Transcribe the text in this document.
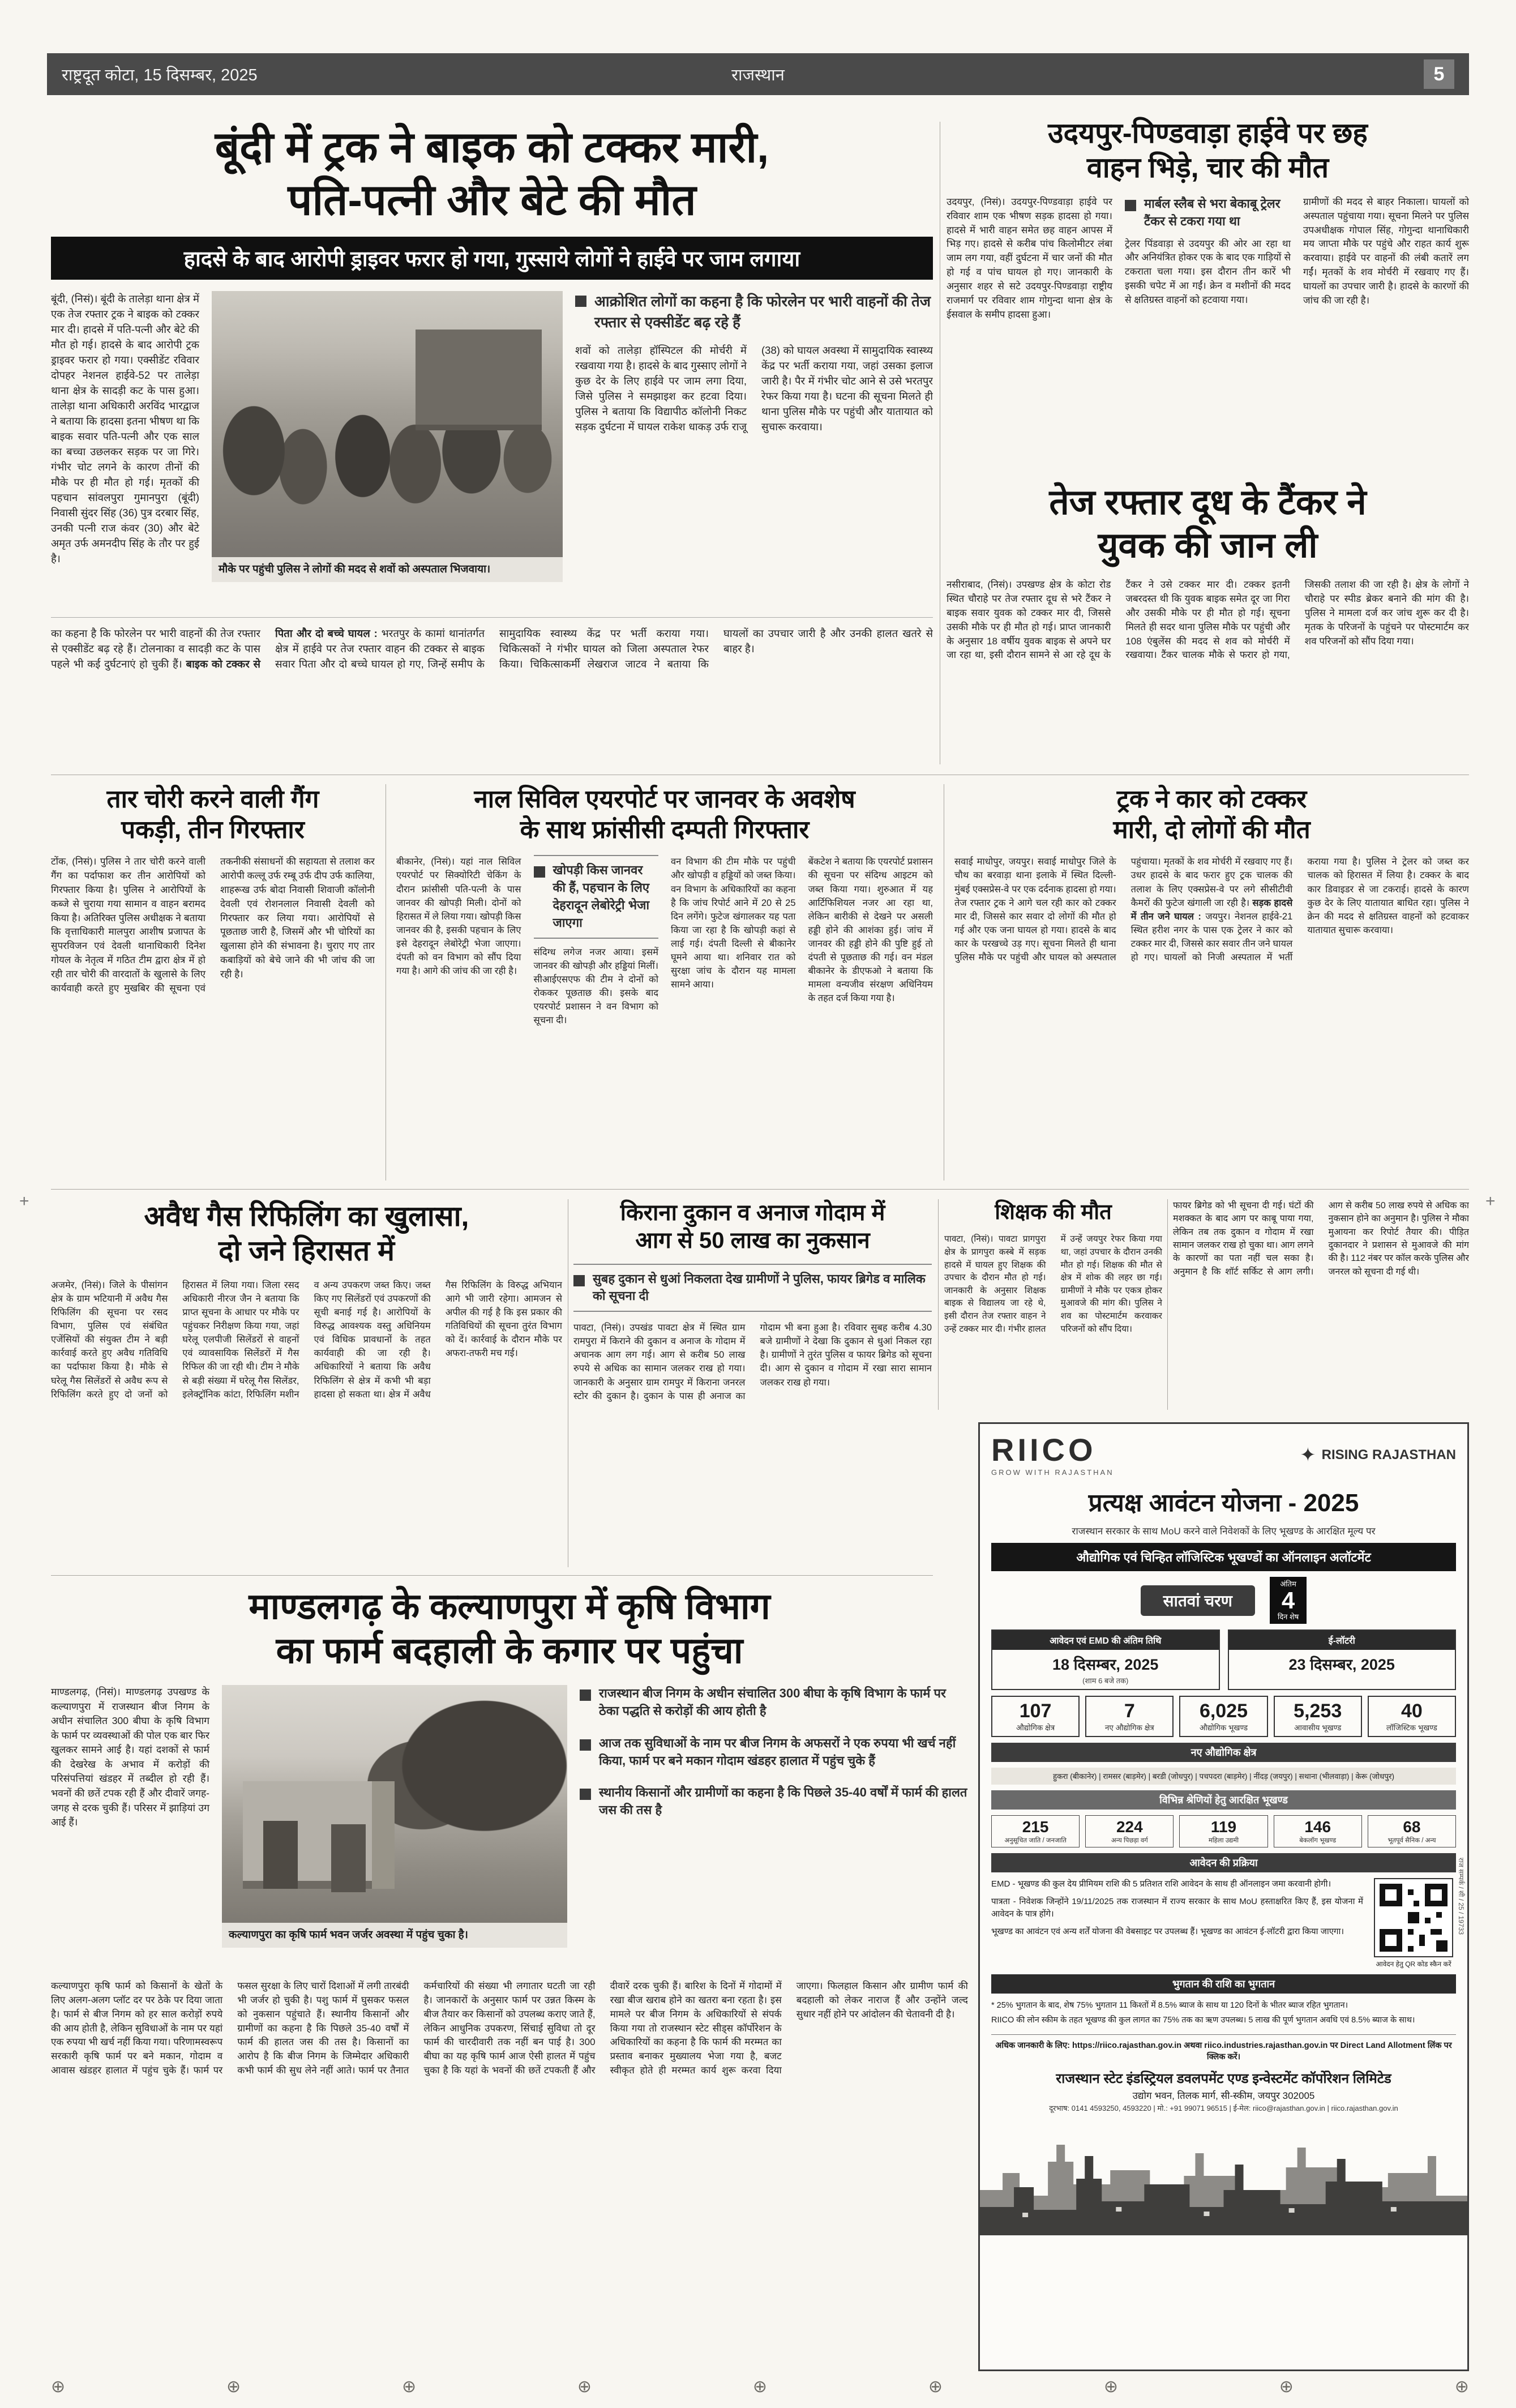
राष्ट्रदूत कोटा, 15 दिसम्बर, 2025	राजस्थान	5
+	+
बूंदी में ट्रक ने बाइक को टक्कर मारी,
पति-पत्नी और बेटे की मौत
हादसे के बाद आरोपी ड्राइवर फरार हो गया, गुस्साये लोगों ने हाईवे पर जाम लगाया
बूंदी, (निसं)। बूंदी के तालेड़ा थाना क्षेत्र में एक तेज रफ्तार ट्रक ने बाइक को टक्कर मार दी। हादसे में पति-पत्नी और बेटे की मौत हो गई। हादसे के बाद आरोपी ट्रक ड्राइवर फरार हो गया। एक्सीडेंट रविवार दोपहर नेशनल हाईवे-52 पर तालेड़ा थाना क्षेत्र के सादड़ी कट के पास हुआ। तालेड़ा थाना अधिकारी अरविंद भारद्वाज ने बताया कि हादसा इतना भीषण था कि बाइक सवार पति-पत्नी और एक साल का बच्चा उछलकर सड़क पर जा गिरे। गंभीर चोट लगने के कारण तीनों की मौके पर ही मौत हो गई। मृतकों की पहचान सांवलपुरा गुमानपुरा (बूंदी) निवासी सुंदर सिंह (36) पुत्र दरबार सिंह, उनकी पत्नी राज कंवर (30) और बेटे अमृत उर्फ अमनदीप सिंह के तौर पर हुई है।
मौके पर पहुंची पुलिस ने लोगों की मदद से शवों को अस्पताल भिजवाया।
आक्रोशित लोगों का कहना है कि फोरलेन पर भारी वाहनों की तेज रफ्तार से एक्सीडेंट बढ़ रहे हैं
शवों को तालेड़ा हॉस्पिटल की मोर्चरी में रखवाया गया है। हादसे के बाद गुस्साए लोगों ने कुछ देर के लिए हाईवे पर जाम लगा दिया, जिसे पुलिस ने समझाइश कर हटवा दिया। पुलिस ने बताया कि विद्यापीठ कॉलोनी निकट सड़क दुर्घटना में घायल राकेश धाकड़ उर्फ राजू (38) को घायल अवस्था में सामुदायिक स्वास्थ्य केंद्र पर भर्ती कराया गया, जहां उसका इलाज जारी है। पैर में गंभीर चोट आने से उसे भरतपुर रेफर किया गया है। घटना की सूचना मिलते ही थाना पुलिस मौके पर पहुंची और यातायात को सुचारू करवाया।
का कहना है कि फोरलेन पर भारी वाहनों की तेज रफ्तार से एक्सीडेंट बढ़ रहे हैं। टोलनाका व सादड़ी कट के पास पहले भी कई दुर्घटनाएं हो चुकी हैं। बाइक को टक्कर से पिता और दो बच्चे घायल : भरतपुर के कामां थानांतर्गत क्षेत्र में हाईवे पर तेज रफ्तार वाहन की टक्कर से बाइक सवार पिता और दो बच्चे घायल हो गए, जिन्हें समीप के सामुदायिक स्वास्थ्य केंद्र पर भर्ती कराया गया। चिकित्सकों ने गंभीर घायल को जिला अस्पताल रेफर किया। चिकित्साकर्मी लेखराज जाटव ने बताया कि घायलों का उपचार जारी है और उनकी हालत खतरे से बाहर है।
उदयपुर-पिण्डवाड़ा हाईवे पर छह
वाहन भिड़े, चार की मौत
उदयपुर, (निसं)। उदयपुर-पिण्डवाड़ा हाईवे पर रविवार शाम एक भीषण सड़क हादसा हो गया। हादसे में भारी वाहन समेत छह वाहन आपस में भिड़ गए। हादसे से करीब पांच किलोमीटर लंबा जाम लग गया, वहीं दुर्घटना में चार जनों की मौत हो गई व पांच घायल हो गए। जानकारी के अनुसार शहर से सटे उदयपुर-पिण्डवाड़ा राष्ट्रीय राजमार्ग पर रविवार शाम गोगुन्दा थाना क्षेत्र के ईसवाल के समीप हादसा हुआ।
मार्बल स्लैब से भरा बेकाबू ट्रेलर टैंकर से टकरा गया था
ट्रेलर पिंडवाड़ा से उदयपुर की ओर आ रहा था और अनियंत्रित होकर एक के बाद एक गाड़ियों से टकराता चला गया। इस दौरान तीन कारें भी इसकी चपेट में आ गईं। क्रेन व मशीनों की मदद से क्षतिग्रस्त वाहनों को हटवाया गया।
ग्रामीणों की मदद से बाहर निकाला। घायलों को अस्पताल पहुंचाया गया। सूचना मिलने पर पुलिस उपअधीक्षक गोपाल सिंह, गोगुन्दा थानाधिकारी मय जाप्ता मौके पर पहुंचे और राहत कार्य शुरू करवाया। हाईवे पर वाहनों की लंबी कतारें लग गईं। मृतकों के शव मोर्चरी में रखवाए गए हैं। घायलों का उपचार जारी है। हादसे के कारणों की जांच की जा रही है।
तेज रफ्तार दूध के टैंकर ने
युवक की जान ली
नसीराबाद, (निसं)। उपखण्ड क्षेत्र के कोटा रोड स्थित चौराहे पर तेज रफ्तार दूध से भरे टैंकर ने बाइक सवार युवक को टक्कर मार दी, जिससे उसकी मौके पर ही मौत हो गई। प्राप्त जानकारी के अनुसार 18 वर्षीय युवक बाइक से अपने घर जा रहा था, इसी दौरान सामने से आ रहे दूध के टैंकर ने उसे टक्कर मार दी। टक्कर इतनी जबरदस्त थी कि युवक बाइक समेत दूर जा गिरा और उसकी मौके पर ही मौत हो गई। सूचना मिलते ही सदर थाना पुलिस मौके पर पहुंची और 108 एंबुलेंस की मदद से शव को मोर्चरी में रखवाया। टैंकर चालक मौके से फरार हो गया, जिसकी तलाश की जा रही है। क्षेत्र के लोगों ने चौराहे पर स्पीड ब्रेकर बनाने की मांग की है। पुलिस ने मामला दर्ज कर जांच शुरू कर दी है। मृतक के परिजनों के पहुंचने पर पोस्टमार्टम कर शव परिजनों को सौंप दिया गया।
तार चोरी करने वाली गैंग
पकड़ी, तीन गिरफ्तार
टोंक, (निसं)। पुलिस ने तार चोरी करने वाली गैंग का पर्दाफाश कर तीन आरोपियों को गिरफ्तार किया है। पुलिस ने आरोपियों के कब्जे से चुराया गया सामान व वाहन बरामद किया है। अतिरिक्त पुलिस अधीक्षक ने बताया कि वृत्ताधिकारी मालपुरा आशीष प्रजापत के सुपरविजन एवं देवली थानाधिकारी दिनेश गोयल के नेतृत्व में गठित टीम द्वारा क्षेत्र में हो रही तार चोरी की वारदातों के खुलासे के लिए कार्यवाही करते हुए मुखबिर की सूचना एवं तकनीकी संसाधनों की सहायता से तलाश कर आरोपी कल्लू उर्फ रम्बू उर्फ दीप उर्फ कालिया, शाहरूख उर्फ बोदा निवासी शिवाजी कॉलोनी देवली एवं रोशनलाल निवासी देवली को गिरफ्तार कर लिया गया। आरोपियों से पूछताछ जारी है, जिसमें और भी चोरियों का खुलासा होने की संभावना है। चुराए गए तार कबाड़ियों को बेचे जाने की भी जांच की जा रही है।
नाल सिविल एयरपोर्ट पर जानवर के अवशेष
के साथ फ्रांसीसी दम्पती गिरफ्तार
बीकानेर, (निसं)। यहां नाल सिविल एयरपोर्ट पर सिक्योरिटी चेकिंग के दौरान फ्रांसीसी पति-पत्नी के पास जानवर की खोपड़ी मिली। दोनों को हिरासत में ले लिया गया। खोपड़ी किस जानवर की है, इसकी पहचान के लिए इसे देहरादून लेबोरेट्री भेजा जाएगा। दंपती को वन विभाग को सौंप दिया गया है। आगे की जांच की जा रही है।
खोपड़ी किस जानवर की हैं, पहचान के लिए देहरादून लेबोरेट्री भेजा जाएगा
संदिग्ध लगेज नजर आया। इसमें जानवर की खोपड़ी और हड्डियां मिलीं। सीआईएसएफ की टीम ने दोनों को रोककर पूछताछ की। इसके बाद एयरपोर्ट प्रशासन ने वन विभाग को सूचना दी।
वन विभाग की टीम मौके पर पहुंची और खोपड़ी व हड्डियों को जब्त किया। वन विभाग के अधिकारियों का कहना है कि जांच रिपोर्ट आने में 20 से 25 दिन लगेंगे। फुटेज खंगालकर यह पता किया जा रहा है कि खोपड़ी कहां से लाई गई। दंपती दिल्ली से बीकानेर घूमने आया था। शनिवार रात को सुरक्षा जांच के दौरान यह मामला सामने आया।
बेंकटेश ने बताया कि एयरपोर्ट प्रशासन की सूचना पर संदिग्ध आइटम को जब्त किया गया। शुरुआत में यह आर्टिफिशियल नजर आ रहा था, लेकिन बारीकी से देखने पर असली हड्डी होने की आशंका हुई। जांच में जानवर की हड्डी होने की पुष्टि हुई तो दंपती से पूछताछ की गई। वन मंडल बीकानेर के डीएफओ ने बताया कि मामला वन्यजीव संरक्षण अधिनियम के तहत दर्ज किया गया है।
ट्रक ने कार को टक्कर
मारी, दो लोगों की मौत
सवाई माधोपुर, जयपुर। सवाई माधोपुर जिले के चौथ का बरवाड़ा थाना इलाके में स्थित दिल्ली-मुंबई एक्सप्रेस-वे पर एक दर्दनाक हादसा हो गया। तेज रफ्तार ट्रक ने आगे चल रही कार को टक्कर मार दी, जिससे कार सवार दो लोगों की मौत हो गई और एक जना घायल हो गया। हादसे के बाद कार के परखच्चे उड़ गए। सूचना मिलते ही थाना पुलिस मौके पर पहुंची और घायल को अस्पताल पहुंचाया। मृतकों के शव मोर्चरी में रखवाए गए हैं। उधर हादसे के बाद फरार हुए ट्रक चालक की तलाश के लिए एक्सप्रेस-वे पर लगे सीसीटीवी कैमरों की फुटेज खंगाली जा रही है। सड़क हादसे में तीन जने घायल : जयपुर। नेशनल हाईवे-21 स्थित हरीश नगर के पास एक ट्रेलर ने कार को टक्कर मार दी, जिससे कार सवार तीन जने घायल हो गए। घायलों को निजी अस्पताल में भर्ती कराया गया है। पुलिस ने ट्रेलर को जब्त कर चालक को हिरासत में लिया है। टक्कर के बाद कार डिवाइडर से जा टकराई। हादसे के कारण कुछ देर के लिए यातायात बाधित रहा। पुलिस ने क्रेन की मदद से क्षतिग्रस्त वाहनों को हटवाकर यातायात सुचारू करवाया।
अवैध गैस रिफिलिंग का खुलासा,
दो जने हिरासत में
अजमेर, (निसं)। जिले के पीसांगन क्षेत्र के ग्राम भटियानी में अवैध गैस रिफिलिंग की सूचना पर रसद विभाग, पुलिस एवं संबंधित एजेंसियों की संयुक्त टीम ने बड़ी कार्रवाई करते हुए अवैध गतिविधि का पर्दाफाश किया है। मौके से घरेलू गैस सिलेंडरों से अवैध रूप से रिफिलिंग करते हुए दो जनों को हिरासत में लिया गया। जिला रसद अधिकारी नीरज जैन ने बताया कि प्राप्त सूचना के आधार पर मौके पर पहुंचकर निरीक्षण किया गया, जहां घरेलू एलपीजी सिलेंडरों से वाहनों एवं व्यावसायिक सिलेंडरों में गैस रिफिल की जा रही थी। टीम ने मौके से बड़ी संख्या में घरेलू गैस सिलेंडर, इलेक्ट्रॉनिक कांटा, रिफिलिंग मशीन व अन्य उपकरण जब्त किए। जब्त किए गए सिलेंडरों एवं उपकरणों की सूची बनाई गई है। आरोपियों के विरुद्ध आवश्यक वस्तु अधिनियम एवं विधिक प्रावधानों के तहत कार्यवाही की जा रही है। अधिकारियों ने बताया कि अवैध रिफिलिंग से क्षेत्र में कभी भी बड़ा हादसा हो सकता था। क्षेत्र में अवैध गैस रिफिलिंग के विरुद्ध अभियान आगे भी जारी रहेगा। आमजन से अपील की गई है कि इस प्रकार की गतिविधियों की सूचना तुरंत विभाग को दें। कार्रवाई के दौरान मौके पर अफरा-तफरी मच गई।
किराना दुकान व अनाज गोदाम में
आग से 50 लाख का नुकसान
सुबह दुकान से धुआं निकलता देख ग्रामीणों ने पुलिस, फायर ब्रिगेड व मालिक को सूचना दी
पावटा, (निसं)। उपखंड पावटा क्षेत्र में स्थित ग्राम रामपुरा में किराने की दुकान व अनाज के गोदाम में अचानक आग लग गई। आग से करीब 50 लाख रुपये से अधिक का सामान जलकर राख हो गया। जानकारी के अनुसार ग्राम रामपुर में किराना जनरल स्टोर की दुकान है। दुकान के पास ही अनाज का गोदाम भी बना हुआ है। रविवार सुबह करीब 4.30 बजे ग्रामीणों ने देखा कि दुकान से धुआं निकल रहा है। ग्रामीणों ने तुरंत पुलिस व फायर ब्रिगेड को सूचना दी। आग से दुकान व गोदाम में रखा सारा सामान जलकर राख हो गया।
शिक्षक की मौत
पावटा, (निसं)। पावटा प्रागपुरा क्षेत्र के प्रागपुरा कस्बे में सड़क हादसे में घायल हुए शिक्षक की उपचार के दौरान मौत हो गई। जानकारी के अनुसार शिक्षक बाइक से विद्यालय जा रहे थे, इसी दौरान तेज रफ्तार वाहन ने उन्हें टक्कर मार दी। गंभीर हालत में उन्हें जयपुर रेफर किया गया था, जहां उपचार के दौरान उनकी मौत हो गई। शिक्षक की मौत से क्षेत्र में शोक की लहर छा गई। ग्रामीणों ने मौके पर एकत्र होकर मुआवजे की मांग की। पुलिस ने शव का पोस्टमार्टम करवाकर परिजनों को सौंप दिया।
फायर ब्रिगेड को भी सूचना दी गई। घंटों की मशक्कत के बाद आग पर काबू पाया गया, लेकिन तब तक दुकान व गोदाम में रखा सामान जलकर राख हो चुका था। आग लगने के कारणों का पता नहीं चल सका है। अनुमान है कि शॉर्ट सर्किट से आग लगी। आग से करीब 50 लाख रुपये से अधिक का नुकसान होने का अनुमान है। पुलिस ने मौका मुआयना कर रिपोर्ट तैयार की। पीड़ित दुकानदार ने प्रशासन से मुआवजे की मांग की है। 112 नंबर पर कॉल करके पुलिस और जनरल को सूचना दी गई थी।
माण्डलगढ़ के कल्याणपुरा में कृषि विभाग
का फार्म बदहाली के कगार पर पहुंचा
माण्डलगढ़, (निसं)। माण्डलगढ़ उपखण्ड के कल्याणपुरा में राजस्थान बीज निगम के अधीन संचालित 300 बीघा के कृषि विभाग के फार्म पर व्यवस्थाओं की पोल एक बार फिर खुलकर सामने आई है। यहां दशकों से फार्म की देखरेख के अभाव में करोड़ों की परिसंपत्तियां खंडहर में तब्दील हो रही हैं। भवनों की छतें टपक रही हैं और दीवारें जगह-जगह से दरक चुकी हैं। परिसर में झाड़ियां उग आई हैं।
कल्याणपुरा का कृषि फार्म भवन जर्जर अवस्था में पहुंच चुका है।
राजस्थान बीज निगम के अधीन संचालित 300 बीघा के कृषि विभाग के फार्म पर ठेका पद्धति से करोड़ों की आय होती है
आज तक सुविधाओं के नाम पर बीज निगम के अफसरों ने एक रुपया भी खर्च नहीं किया, फार्म पर बने मकान गोदाम खंडहर हालात में पहुंच चुके हैं
स्थानीय किसानों और ग्रामीणों का कहना है कि पिछले 35-40 वर्षों में फार्म की हालत जस की तस है
कल्याणपुरा कृषि फार्म को किसानों के खेतों के लिए अलग-अलग प्लॉट दर पर ठेके पर दिया जाता है। फार्म से बीज निगम को हर साल करोड़ों रुपये की आय होती है, लेकिन सुविधाओं के नाम पर यहां एक रुपया भी खर्च नहीं किया गया। परिणामस्वरूप सरकारी कृषि फार्म पर बने मकान, गोदाम व आवास खंडहर हालात में पहुंच चुके हैं। फार्म पर फसल सुरक्षा के लिए चारों दिशाओं में लगी तारबंदी भी जर्जर हो चुकी है। पशु फार्म में घुसकर फसल को नुकसान पहुंचाते हैं। स्थानीय किसानों और ग्रामीणों का कहना है कि पिछले 35-40 वर्षों में फार्म की हालत जस की तस है। किसानों का आरोप है कि बीज निगम के जिम्मेदार अधिकारी कभी फार्म की सुध लेने नहीं आते। फार्म पर तैनात कर्मचारियों की संख्या भी लगातार घटती जा रही है। जानकारों के अनुसार फार्म पर उन्नत किस्म के बीज तैयार कर किसानों को उपलब्ध कराए जाते हैं, लेकिन आधुनिक उपकरण, सिंचाई सुविधा तो दूर फार्म की चारदीवारी तक नहीं बन पाई है। 300 बीघा का यह कृषि फार्म आज ऐसी हालत में पहुंच चुका है कि यहां के भवनों की छतें टपकती हैं और दीवारें दरक चुकी हैं। बारिश के दिनों में गोदामों में रखा बीज खराब होने का खतरा बना रहता है। इस मामले पर बीज निगम के अधिकारियों से संपर्क किया गया तो राजस्थान स्टेट सीड्स कॉर्पोरेशन के अधिकारियों का कहना है कि फार्म की मरम्मत का प्रस्ताव बनाकर मुख्यालय भेजा गया है, बजट स्वीकृत होते ही मरम्मत कार्य शुरू करवा दिया जाएगा। फिलहाल किसान और ग्रामीण फार्म की बदहाली को लेकर नाराज हैं और उन्होंने जल्द सुधार नहीं होने पर आंदोलन की चेतावनी दी है।
RIICO
GROW WITH RAJASTHAN
✦ RISING RAJASTHAN
प्रत्यक्ष आवंटन योजना - 2025
राजस्थान सरकार के साथ MoU करने वाले निवेशकों के लिए भूखण्ड के आरक्षित मूल्य पर
औद्योगिक एवं चिन्हित लॉजिस्टिक भूखण्डों का ऑनलाइन अलॉटमेंट
सातवां चरण
अंतिम
4
दिन शेष
आवेदन एवं EMD की अंतिम तिथि
18 दिसम्बर, 2025
(शाम 6 बजे तक)
ई-लॉटरी
23 दिसम्बर, 2025
107
औद्योगिक क्षेत्र
7
नए औद्योगिक क्षेत्र
6,025
औद्योगिक भूखण्ड
5,253
आवासीय भूखण्ड
40
लॉजिस्टिक भूखण्ड
नए औद्योगिक क्षेत्र
हुकरा (बीकानेर) | रामसर (बाड़मेर) | बरडी (जोधपुर) | पचपदरा (बाड़मेर) | नींदड़ (जयपुर) | सथाना (भीलवाड़ा) | केरू (जोधपुर)
विभिन्न श्रेणियों हेतु आरक्षित भूखण्ड
215
अनुसूचित जाति / जनजाति
224
अन्य पिछड़ा वर्ग
119
महिला उद्यमी
146
बेकलॉग भूखण्ड
68
भूतपूर्व सैनिक / अन्य
आवेदन की प्रक्रिया

EMD - भूखण्ड की कुल देय प्रीमियम राशि की 5 प्रतिशत राशि आवेदन के साथ ही ऑनलाइन जमा करवानी होगी।

पात्रता - निवेशक जिन्होंने 19/11/2025 तक राजस्थान में राज्य सरकार के साथ MoU हस्ताक्षरित किए हैं, इस योजना में आवेदन के पात्र होंगे।

भूखण्ड का आवंटन एवं अन्य शर्तें योजना की वेबसाइट पर उपलब्ध हैं। भूखण्ड का आवंटन ई-लॉटरी द्वारा किया जाएगा।

आवेदन हेतु QR कोड स्कैन करें
भुगतान की राशि का भुगतान

* 25% भुगतान के बाद, शेष 75% भुगतान 11 किश्तों में 8.5% ब्याज के साथ या 120 दिनों के भीतर ब्याज रहित भुगतान।

RIICO की लोन स्कीम के तहत भूखण्ड की कुल लागत का 75% तक का ऋण उपलब्ध। 5 लाख की पूर्ण भुगतान अवधि एवं 8.5% ब्याज के साथ।

अधिक जानकारी के लिए: https://riico.rajasthan.gov.in अथवा riico.industries.rajasthan.gov.in पर Direct Land Allotment लिंक पर क्लिक करें।
राजस्थान स्टेट इंडस्ट्रियल डवलपमेंट एण्ड इन्वेस्टमेंट कॉर्पोरेशन लिमिटेड
उद्योग भवन, तिलक मार्ग, सी-स्कीम, जयपुर 302005
दूरभाष: 0141 4593250, 4593220 | मो.: +91 99071 96515 | ई-मेल: riico@rajasthan.gov.in | riico.rajasthan.gov.in
राज सम्पर्क / सी / 25 / 19733
⊕	⊕	⊕	⊕	⊕	⊕	⊕	⊕	⊕
